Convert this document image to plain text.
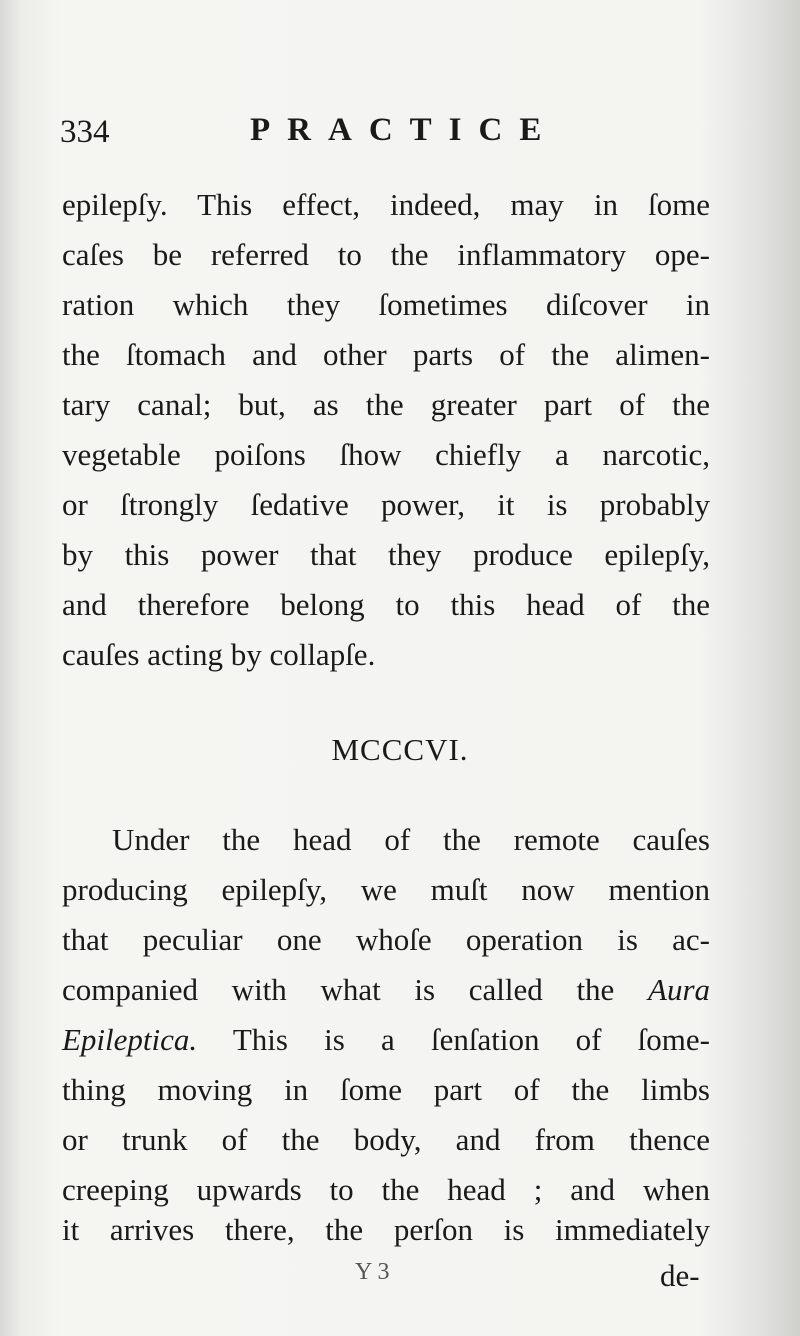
334	PRACTICE
epilepſy. This effect, indeed, may in ſome
caſes be referred to the inflammatory ope-
ration which they ſometimes diſcover in
the ſtomach and other parts of the alimen-
tary canal; but, as the greater part of the
vegetable poiſons ſhow chiefly a narcotic,
or ſtrongly ſedative power, it is probably
by this power that they produce epilepſy,
and therefore belong to this head of the
cauſes acting by collapſe.
MCCCVI.
Under the head of the remote cauſes
producing epilepſy, we muſt now mention
that peculiar one whoſe operation is ac-
companied with what is called the Aura
Epileptica. This is a ſenſation of ſome-
thing moving in ſome part of the limbs
or trunk of the body, and from thence
creeping upwards to the head ; and when
it arrives there, the perſon is immediately
Y 3	de-
